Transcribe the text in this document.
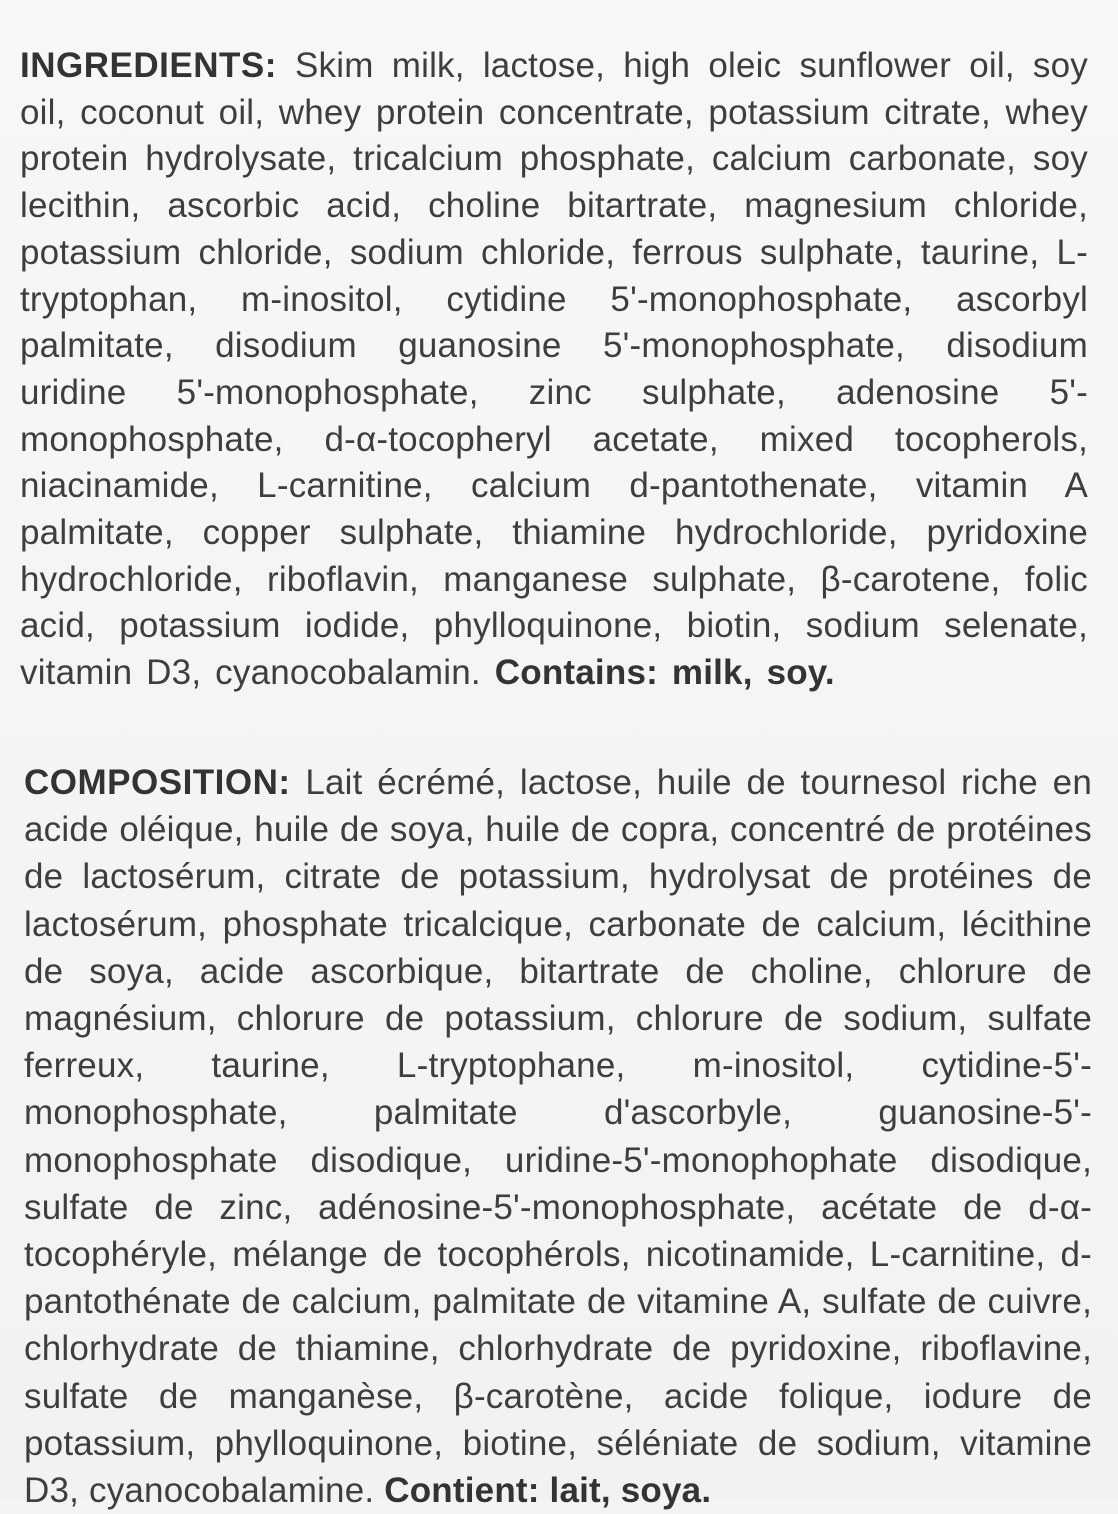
INGREDIENTS: Skim milk, lactose, high oleic sunflower oil, soy oil, coconut oil, whey protein concentrate, potassium citrate, whey protein hydrolysate, tricalcium phosphate, calcium carbonate, soy lecithin, ascorbic acid, choline bitartrate, magnesium chloride, potassium chloride, sodium chloride, ferrous sulphate, taurine, L-tryptophan, m-inositol, cytidine 5'-monophosphate, ascorbyl palmitate, disodium guanosine 5'-monophosphate, disodium uridine 5'-monophosphate, zinc sulphate, adenosine 5'-monophosphate, d-α-tocopheryl acetate, mixed tocopherols, niacinamide, L-carnitine, calcium d-pantothenate, vitamin A palmitate, copper sulphate, thiamine hydrochloride, pyridoxine hydrochloride, riboflavin, manganese sulphate, β-carotene, folic acid, potassium iodide, phylloquinone, biotin, sodium selenate, vitamin D3, cyanocobalamin. Contains: milk, soy.

COMPOSITION: Lait écrémé, lactose, huile de tournesol riche en acide oléique, huile de soya, huile de copra, concentré de protéines de lactosérum, citrate de potassium, hydrolysat de protéines de lactosérum, phosphate tricalcique, carbonate de calcium, lécithine de soya, acide ascorbique, bitartrate de choline, chlorure de magnésium, chlorure de potassium, chlorure de sodium, sulfate ferreux, taurine, L-tryptophane, m-inositol, cytidine-5'-monophosphate, palmitate d'ascorbyle, guanosine-5'-monophosphate disodique, uridine-5'-monophophate disodique, sulfate de zinc, adénosine-5'-monophosphate, acétate de d-α-tocophéryle, mélange de tocophérols, nicotinamide, L-carnitine, d-pantothénate de calcium, palmitate de vitamine A, sulfate de cuivre, chlorhydrate de thiamine, chlorhydrate de pyridoxine, riboflavine, sulfate de manganèse, β-carotène, acide folique, iodure de potassium, phylloquinone, biotine, séléniate de sodium, vitamine D3, cyanocobalamine. Contient: lait, soya.
